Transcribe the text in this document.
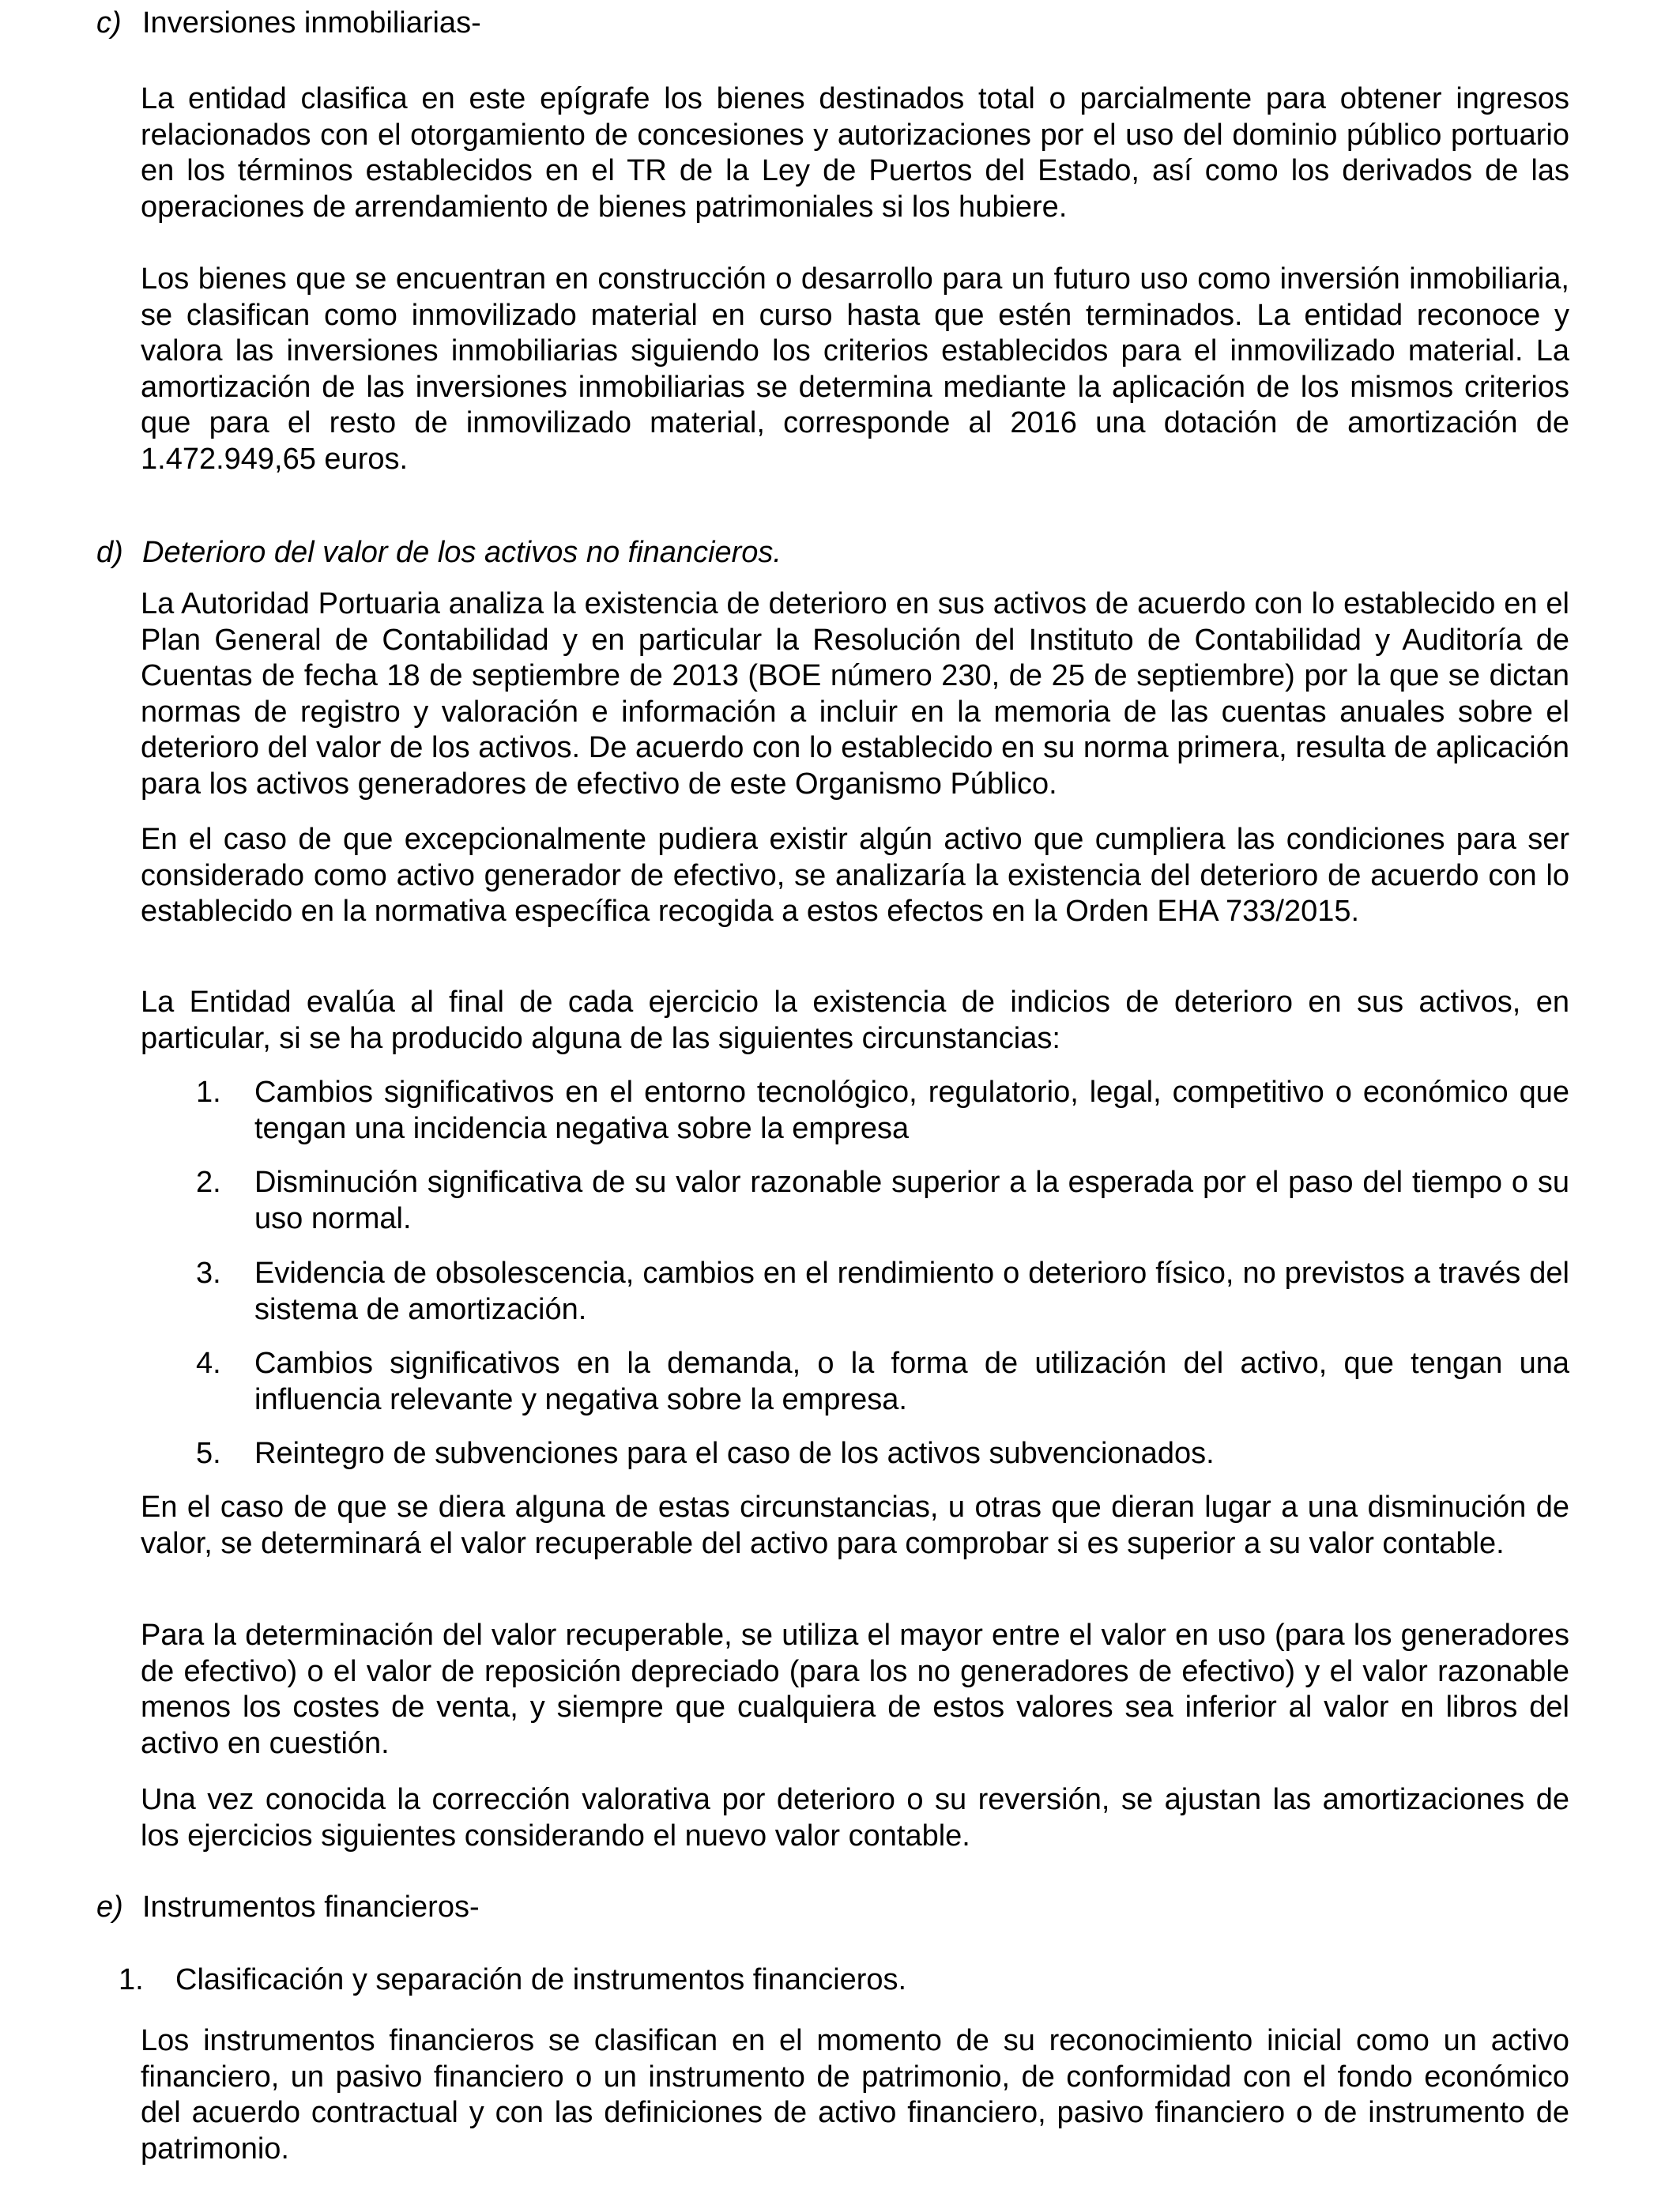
c) Inversiones inmobiliarias-

La entidad clasifica en este epígrafe los bienes destinados total o parcialmente para obtener ingresos relacionados con el otorgamiento de concesiones y autorizaciones por el uso del dominio público portuario en los términos establecidos en el TR de la Ley de Puertos del Estado, así como los derivados de las operaciones de arrendamiento de bienes patrimoniales si los hubiere.

Los bienes que se encuentran en construcción o desarrollo para un futuro uso como inversión inmobiliaria, se clasifican como inmovilizado material en curso hasta que estén terminados. La entidad reconoce y valora las inversiones inmobiliarias siguiendo los criterios establecidos para el inmovilizado material. La amortización de las inversiones inmobiliarias se determina mediante la aplicación de los mismos criterios que para el resto de inmovilizado material, corresponde al 2016 una dotación de amortización de 1.472.949,65 euros.

d) Deterioro del valor de los activos no financieros.

La Autoridad Portuaria analiza la existencia de deterioro en sus activos de acuerdo con lo establecido en el Plan General de Contabilidad y en particular la Resolución del Instituto de Contabilidad y Auditoría de Cuentas de fecha 18 de septiembre de 2013 (BOE número 230, de 25 de septiembre) por la que se dictan normas de registro y valoración e información a incluir en la memoria de las cuentas anuales sobre el deterioro del valor de los activos. De acuerdo con lo establecido en su norma primera, resulta de aplicación para los activos generadores de efectivo de este Organismo Público.

En el caso de que excepcionalmente pudiera existir algún activo que cumpliera las condiciones para ser considerado como activo generador de efectivo, se analizaría la existencia del deterioro de acuerdo con lo establecido en la normativa específica recogida a estos efectos en la Orden EHA 733/2015.

La Entidad evalúa al final de cada ejercicio la existencia de indicios de deterioro en sus activos, en particular, si se ha producido alguna de las siguientes circunstancias:

1.	Cambios significativos en el entorno tecnológico, regulatorio, legal, competitivo o económico que tengan una incidencia negativa sobre la empresa

2.	Disminución significativa de su valor razonable superior a la esperada por el paso del tiempo o su uso normal.

3.	Evidencia de obsolescencia, cambios en el rendimiento o deterioro físico, no previstos a través del sistema de amortización.

4.	Cambios significativos en la demanda, o la forma de utilización del activo, que tengan una influencia relevante y negativa sobre la empresa.

5.	Reintegro de subvenciones para el caso de los activos subvencionados.

En el caso de que se diera alguna de estas circunstancias, u otras que dieran lugar a una disminución de valor, se determinará el valor recuperable del activo para comprobar si es superior a su valor contable.

Para la determinación del valor recuperable, se utiliza el mayor entre el valor en uso (para los generadores de efectivo) o el valor de reposición depreciado (para los no generadores de efectivo) y el valor razonable menos los costes de venta, y siempre que cualquiera de estos valores sea inferior al valor en libros del activo en cuestión.

Una vez conocida la corrección valorativa por deterioro o su reversión, se ajustan las amortizaciones de los ejercicios siguientes considerando el nuevo valor contable.

e) Instrumentos financieros-
1. Clasificación y separación de instrumentos financieros.

Los instrumentos financieros se clasifican en el momento de su reconocimiento inicial como un activo financiero, un pasivo financiero o un instrumento de patrimonio, de conformidad con el fondo económico del acuerdo contractual y con las definiciones de activo financiero, pasivo financiero o de instrumento de patrimonio.
